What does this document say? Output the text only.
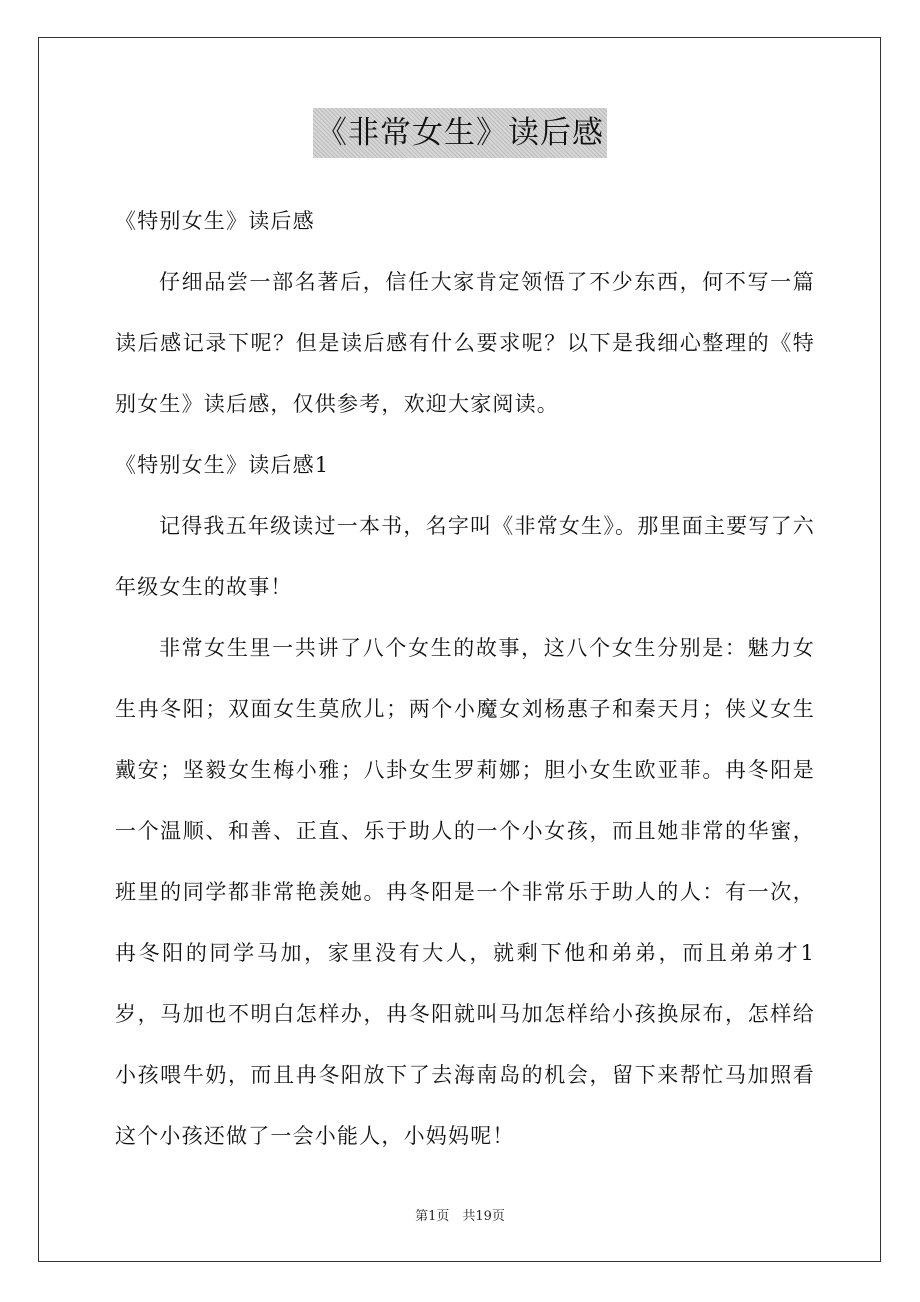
《非常女生》读后感

《特别女生》读后感

仔细品尝一部名著后，信任大家肯定领悟了不少东西，何不写一篇读后感记录下呢？但是读后感有什么要求呢？以下是我细心整理的《特别女生》读后感，仅供参考，欢迎大家阅读。

《特别女生》读后感1

记得我五年级读过一本书，名字叫《非常女生》。那里面主要写了六年级女生的故事！

非常女生里一共讲了八个女生的故事，这八个女生分别是：魅力女生冉冬阳；双面女生莫欣儿；两个小魔女刘杨惠子和秦天月；侠义女生戴安；坚毅女生梅小雅；八卦女生罗莉娜；胆小女生欧亚菲。冉冬阳是一个温顺、和善、正直、乐于助人的一个小女孩，而且她非常的华蜜，班里的同学都非常艳羡她。冉冬阳是一个非常乐于助人的人：有一次，冉冬阳的同学马加，家里没有大人，就剩下他和弟弟，而且弟弟才1岁，马加也不明白怎样办，冉冬阳就叫马加怎样给小孩换尿布，怎样给小孩喂牛奶，而且冉冬阳放下了去海南岛的机会，留下来帮忙马加照看这个小孩还做了一会小能人，小妈妈呢！

第1页　共19页
